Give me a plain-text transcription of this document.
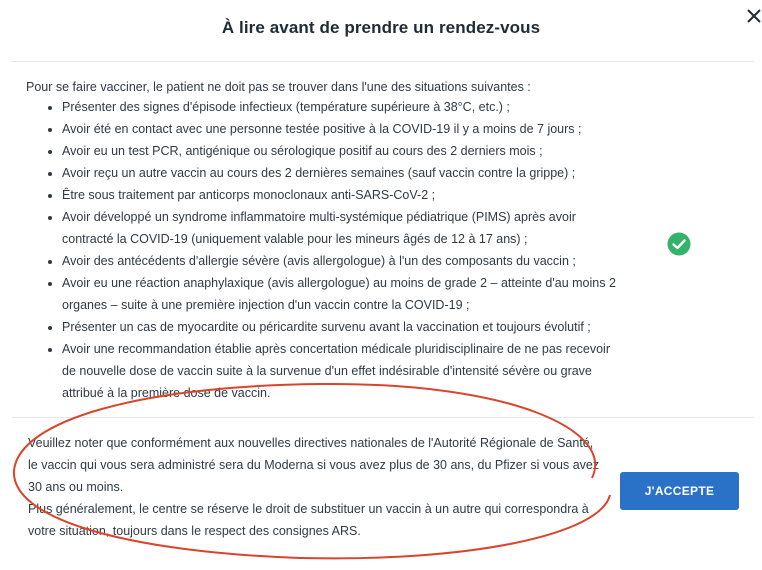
À lire avant de prendre un rendez-vous
Pour se faire vacciner, le patient ne doit pas se trouver dans l'une des situations suivantes :
• Présenter des signes d'épisode infectieux (température supérieure à 38°C, etc.) ;
• Avoir été en contact avec une personne testée positive à la COVID-19 il y a moins de 7 jours ;
• Avoir eu un test PCR, antigénique ou sérologique positif au cours des 2 derniers mois ;
• Avoir reçu un autre vaccin au cours des 2 dernières semaines (sauf vaccin contre la grippe) ;
• Être sous traitement par anticorps monoclonaux anti-SARS-CoV-2 ;
• Avoir développé un syndrome inflammatoire multi-systémique pédiatrique (PIMS) après avoir contracté la COVID-19 (uniquement valable pour les mineurs âgés de 12 à 17 ans) ;
• Avoir des antécédents d'allergie sévère (avis allergologue) à l'un des composants du vaccin ;
• Avoir eu une réaction anaphylaxique (avis allergologue) au moins de grade 2 – atteinte d'au moins 2 organes – suite à une première injection d'un vaccin contre la COVID-19 ;
• Présenter un cas de myocardite ou péricardite survenu avant la vaccination et toujours évolutif ;
• Avoir une recommandation établie après concertation médicale pluridisciplinaire de ne pas recevoir de nouvelle dose de vaccin suite à la survenue d'un effet indésirable d'intensité sévère ou grave attribué à la première dose de vaccin.

Veuillez noter que conformément aux nouvelles directives nationales de l'Autorité Régionale de Santé, le vaccin qui vous sera administré sera du Moderna si vous avez plus de 30 ans, du Pfizer si vous avez 30 ans ou moins.

Plus généralement, le centre se réserve le droit de substituer un vaccin à un autre qui correspondra à votre situation, toujours dans le respect des consignes ARS.

J'ACCEPTE
